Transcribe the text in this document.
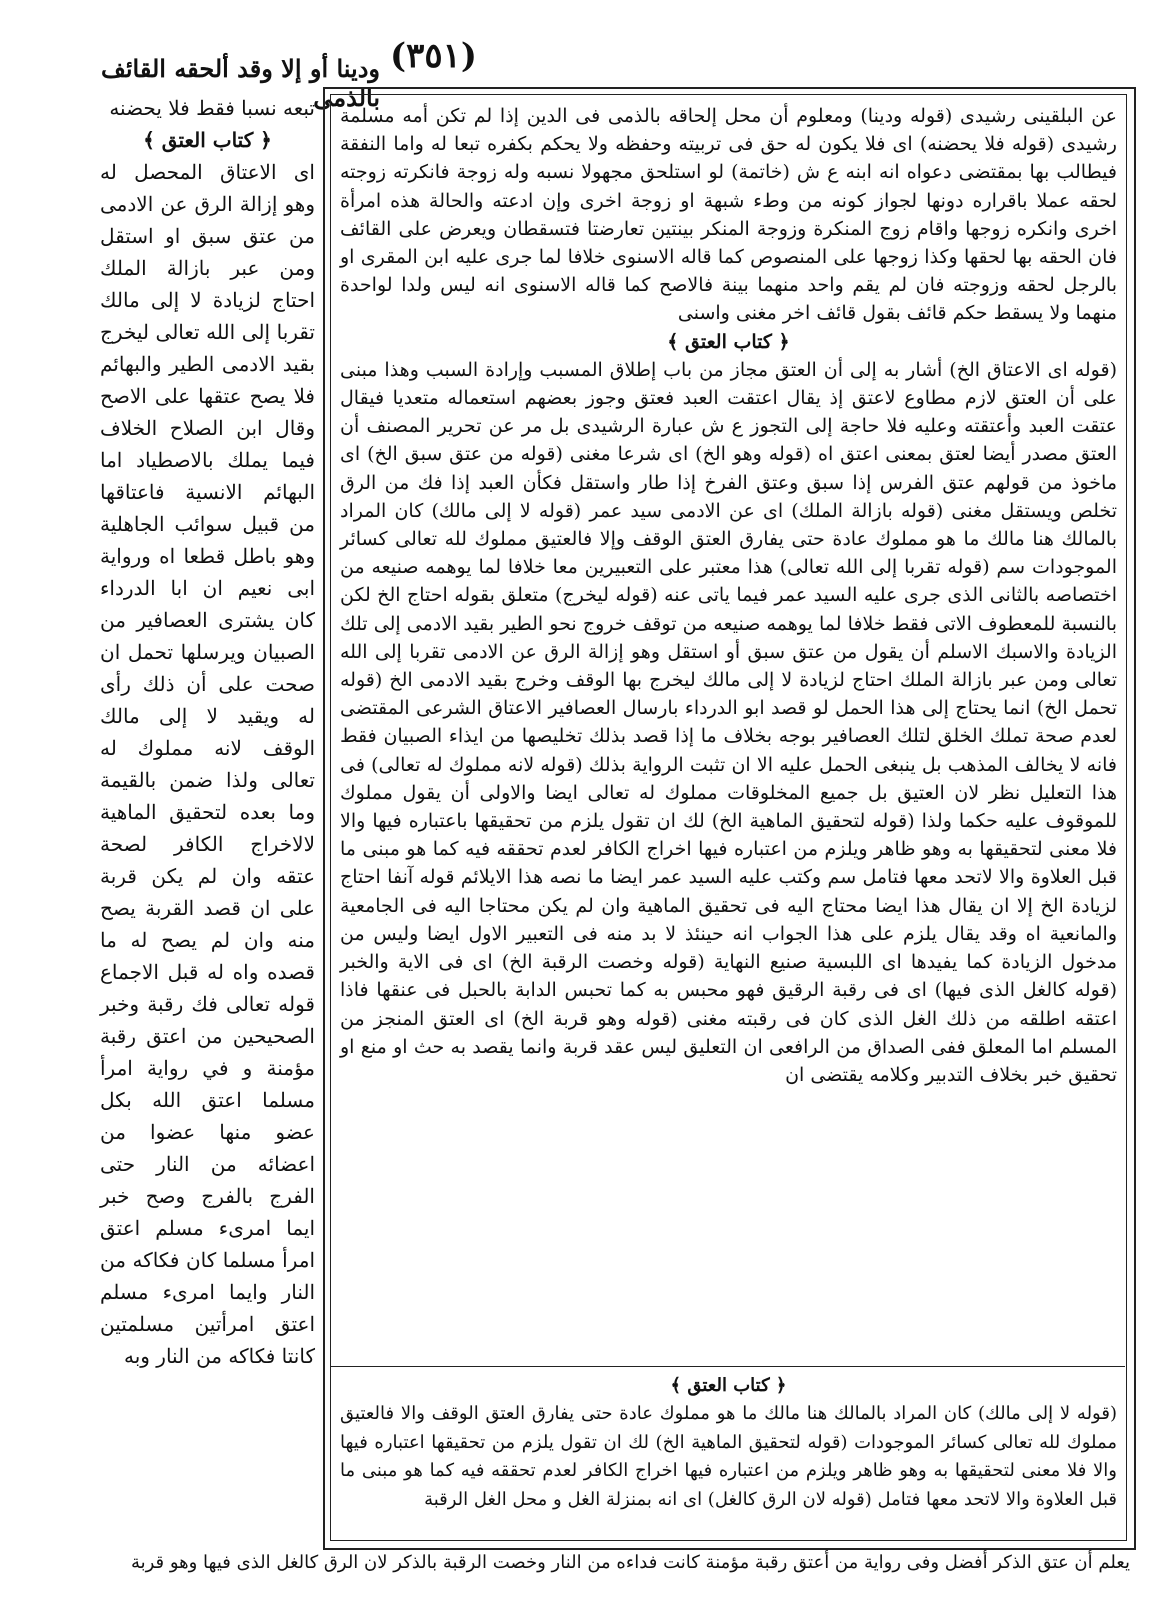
(٣٥١)
ودينا أو إلا وقد ألحقه القائف بالذمى

تبعه نسبا فقط فلا يحضنه

﴿ كتاب العتق ﴾

اى الاعتاق المحصل له وهو إزالة الرق عن الادمى من عتق سبق او استقل ومن عبر بازالة الملك احتاج لزيادة لا إلى مالك تقربا إلى الله تعالى ليخرج بقيد الادمى الطير والبهائم فلا يصح عتقها على الاصح وقال ابن الصلاح الخلاف فيما يملك بالاصطياد اما البهائم الانسية فاعتاقها من قبيل سوائب الجاهلية وهو باطل قطعا اه ورواية ابى نعيم ان ابا الدرداء كان يشترى العصافير من الصبيان ويرسلها تحمل ان صحت على أن ذلك رأى له ويقيد لا إلى مالك الوقف لانه مملوك له تعالى ولذا ضمن بالقيمة وما بعده لتحقيق الماهية لالاخراج الكافر لصحة عتقه وان لم يكن قربة على ان قصد القربة يصح منه وان لم يصح له ما قصده واه له قبل الاجماع قوله تعالى فك رقبة وخبر الصحيحين من اعتق رقبة مؤمنة و في رواية امرأ مسلما اعتق الله بكل عضو منها عضوا من اعضائه من النار حتى الفرج بالفرج وصح خبر ايما امرىء مسلم اعتق امرأ مسلما كان فكاكه من النار وايما امرىء مسلم اعتق امرأتين مسلمتين كانتا فكاكه من النار وبه

عن البلقينى رشيدى (قوله ودينا) ومعلوم أن محل إلحاقه بالذمى فى الدين إذا لم تكن أمه مسلمة رشيدى (قوله فلا يحضنه) اى فلا يكون له حق فى تربيته وحفظه ولا يحكم بكفره تبعا له واما النفقة فيطالب بها بمقتضى دعواه انه ابنه ع ش (خاتمة) لو استلحق مجهولا نسبه وله زوجة فانكرته زوجته لحقه عملا باقراره دونها لجواز كونه من وطء شبهة او زوجة اخرى وإن ادعته والحالة هذه امرأة اخرى وانكره زوجها واقام زوج المنكرة وزوجة المنكر بينتين تعارضتا فتسقطان ويعرض على القائف فان الحقه بها لحقها وكذا زوجها على المنصوص كما قاله الاسنوى خلافا لما جرى عليه ابن المقرى او بالرجل لحقه وزوجته فان لم يقم واحد منهما بينة فالاصح كما قاله الاسنوى انه ليس ولدا لواحدة منهما ولا يسقط حكم قائف بقول قائف اخر مغنى واسنى

﴿ كتاب العتق ﴾

(قوله اى الاعتاق الخ) أشار به إلى أن العتق مجاز من باب إطلاق المسبب وإرادة السبب وهذا مبنى على أن العتق لازم مطاوع لاعتق إذ يقال اعتقت العبد فعتق وجوز بعضهم استعماله متعديا فيقال عتقت العبد وأعتقته وعليه فلا حاجة إلى التجوز ع ش عبارة الرشيدى بل مر عن تحرير المصنف أن العتق مصدر أيضا لعتق بمعنى اعتق اه (قوله وهو الخ) اى شرعا مغنى (قوله من عتق سبق الخ) اى ماخوذ من قولهم عتق الفرس إذا سبق وعتق الفرخ إذا طار واستقل فكأن العبد إذا فك من الرق تخلص ويستقل مغنى (قوله بازالة الملك) اى عن الادمى سيد عمر (قوله لا إلى مالك) كان المراد بالمالك هنا مالك ما هو مملوك عادة حتى يفارق العتق الوقف وإلا فالعتيق مملوك لله تعالى كسائر الموجودات سم (قوله تقربا إلى الله تعالى) هذا معتبر على التعبيرين معا خلافا لما يوهمه صنيعه من اختصاصه بالثانى الذى جرى عليه السيد عمر فيما ياتى عنه (قوله ليخرج) متعلق بقوله احتاج الخ لكن بالنسبة للمعطوف الاتى فقط خلافا لما يوهمه صنيعه من توقف خروج نحو الطير بقيد الادمى إلى تلك الزيادة والاسبك الاسلم أن يقول من عتق سبق أو استقل وهو إزالة الرق عن الادمى تقربا إلى الله تعالى ومن عبر بازالة الملك احتاج لزيادة لا إلى مالك ليخرج بها الوقف وخرج بقيد الادمى الخ (قوله تحمل الخ) انما يحتاج إلى هذا الحمل لو قصد ابو الدرداء بارسال العصافير الاعتاق الشرعى المقتضى لعدم صحة تملك الخلق لتلك العصافير بوجه بخلاف ما إذا قصد بذلك تخليصها من ايذاء الصبيان فقط فانه لا يخالف المذهب بل ينبغى الحمل عليه الا ان تثبت الرواية بذلك (قوله لانه مملوك له تعالى) فى هذا التعليل نظر لان العتيق بل جميع المخلوقات مملوك له تعالى ايضا والاولى أن يقول مملوك للموقوف عليه حكما ولذا (قوله لتحقيق الماهية الخ) لك ان تقول يلزم من تحقيقها باعتباره فيها والا فلا معنى لتحقيقها به وهو ظاهر ويلزم من اعتباره فيها اخراج الكافر لعدم تحققه فيه كما هو مبنى ما قبل العلاوة والا لاتحد معها فتامل سم وكتب عليه السيد عمر ايضا ما نصه هذا الايلائم قوله آنفا احتاج لزيادة الخ إلا ان يقال هذا ايضا محتاج اليه فى تحقيق الماهية وان لم يكن محتاجا اليه فى الجامعية والمانعية اه وقد يقال يلزم على هذا الجواب انه حينئذ لا بد منه فى التعبير الاول ايضا وليس من مدخول الزيادة كما يفيدها اى اللبسية صنيع النهاية (قوله وخصت الرقبة الخ) اى فى الاية والخبر (قوله كالغل الذى فيها) اى فى رقبة الرقيق فهو محبس به كما تحبس الدابة بالحبل فى عنقها فاذا اعتقه اطلقه من ذلك الغل الذى كان فى رقبته مغنى (قوله وهو قربة الخ) اى العتق المنجز من المسلم اما المعلق ففى الصداق من الرافعى ان التعليق ليس عقد قربة وانما يقصد به حث او منع او تحقيق خبر بخلاف التدبير وكلامه يقتضى ان

﴿ كتاب العتق ﴾

(قوله لا إلى مالك) كان المراد بالمالك هنا مالك ما هو مملوك عادة حتى يفارق العتق الوقف والا فالعتيق مملوك لله تعالى كسائر الموجودات (قوله لتحقيق الماهية الخ) لك ان تقول يلزم من تحقيقها اعتباره فيها والا فلا معنى لتحقيقها به وهو ظاهر ويلزم من اعتباره فيها اخراج الكافر لعدم تحققه فيه كما هو مبنى ما قبل العلاوة والا لاتحد معها فتامل (قوله لان الرق كالغل) اى انه بمنزلة الغل و محل الغل الرقبة

يعلم أن عتق الذكر أفضل وفى رواية من أعتق رقبة مؤمنة كانت فداءه من النار وخصت الرقبة بالذكر لان الرق كالغل الذى فيها وهو قربة
